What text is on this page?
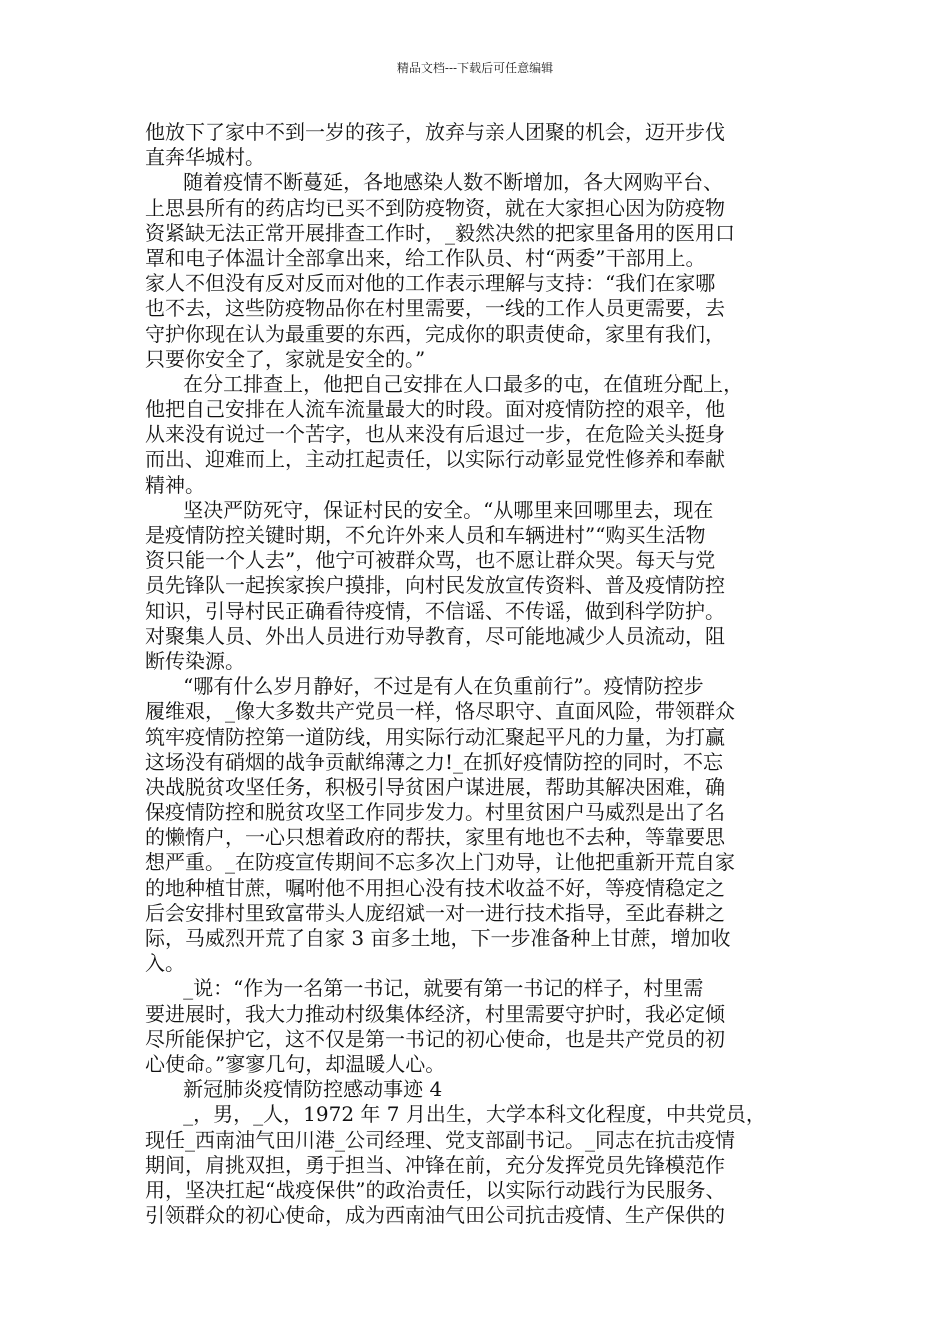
精品文档---下载后可任意编辑
他放下了家中不到一岁的孩子，放弃与亲人团聚的机会，迈开步伐
直奔华城村。
随着疫情不断蔓延，各地感染人数不断增加，各大网购平台、
上思县所有的药店均已买不到防疫物资，就在大家担心因为防疫物
资紧缺无法正常开展排查工作时，_毅然决然的把家里备用的医用口
罩和电子体温计全部拿出来，给工作队员、村“两委”干部用上。
家人不但没有反对反而对他的工作表示理解与支持：“我们在家哪
也不去，这些防疫物品你在村里需要，一线的工作人员更需要，去
守护你现在认为最重要的东西，完成你的职责使命，家里有我们，
只要你安全了，家就是安全的。”
在分工排查上，他把自己安排在人口最多的屯，在值班分配上，
他把自己安排在人流车流量最大的时段。面对疫情防控的艰辛，他
从来没有说过一个苦字，也从来没有后退过一步，在危险关头挺身
而出、迎难而上，主动扛起责任，以实际行动彰显党性修养和奉献
精神。
坚决严防死守，保证村民的安全。“从哪里来回哪里去，现在
是疫情防控关键时期，不允许外来人员和车辆进村”“购买生活物
资只能一个人去”，他宁可被群众骂，也不愿让群众哭。每天与党
员先锋队一起挨家挨户摸排，向村民发放宣传资料、普及疫情防控
知识，引导村民正确看待疫情，不信谣、不传谣，做到科学防护。
对聚集人员、外出人员进行劝导教育，尽可能地减少人员流动，阻
断传染源。
“哪有什么岁月静好，不过是有人在负重前行”。疫情防控步
履维艰，_像大多数共产党员一样，恪尽职守、直面风险，带领群众
筑牢疫情防控第一道防线，用实际行动汇聚起平凡的力量，为打赢
这场没有硝烟的战争贡献绵薄之力!_在抓好疫情防控的同时，不忘
决战脱贫攻坚任务，积极引导贫困户谋进展，帮助其解决困难，确
保疫情防控和脱贫攻坚工作同步发力。村里贫困户马威烈是出了名
的懒惰户，一心只想着政府的帮扶，家里有地也不去种，等靠要思
想严重。_在防疫宣传期间不忘多次上门劝导，让他把重新开荒自家
的地种植甘蔗，嘱咐他不用担心没有技术收益不好，等疫情稳定之
后会安排村里致富带头人庞绍斌一对一进行技术指导，至此春耕之
际，马威烈开荒了自家 3 亩多土地，下一步准备种上甘蔗，增加收
入。
_说：“作为一名第一书记，就要有第一书记的样子，村里需
要进展时，我大力推动村级集体经济，村里需要守护时，我必定倾
尽所能保护它，这不仅是第一书记的初心使命，也是共产党员的初
心使命。”寥寥几句，却温暖人心。
新冠肺炎疫情防控感动事迹 4
_，男，_人，1972 年 7 月出生，大学本科文化程度，中共党员，
现任_西南油气田川港_公司经理、党支部副书记。_同志在抗击疫情
期间，肩挑双担，勇于担当、冲锋在前，充分发挥党员先锋模范作
用，坚决扛起“战疫保供”的政治责任，以实际行动践行为民服务、
引领群众的初心使命，成为西南油气田公司抗击疫情、生产保供的
